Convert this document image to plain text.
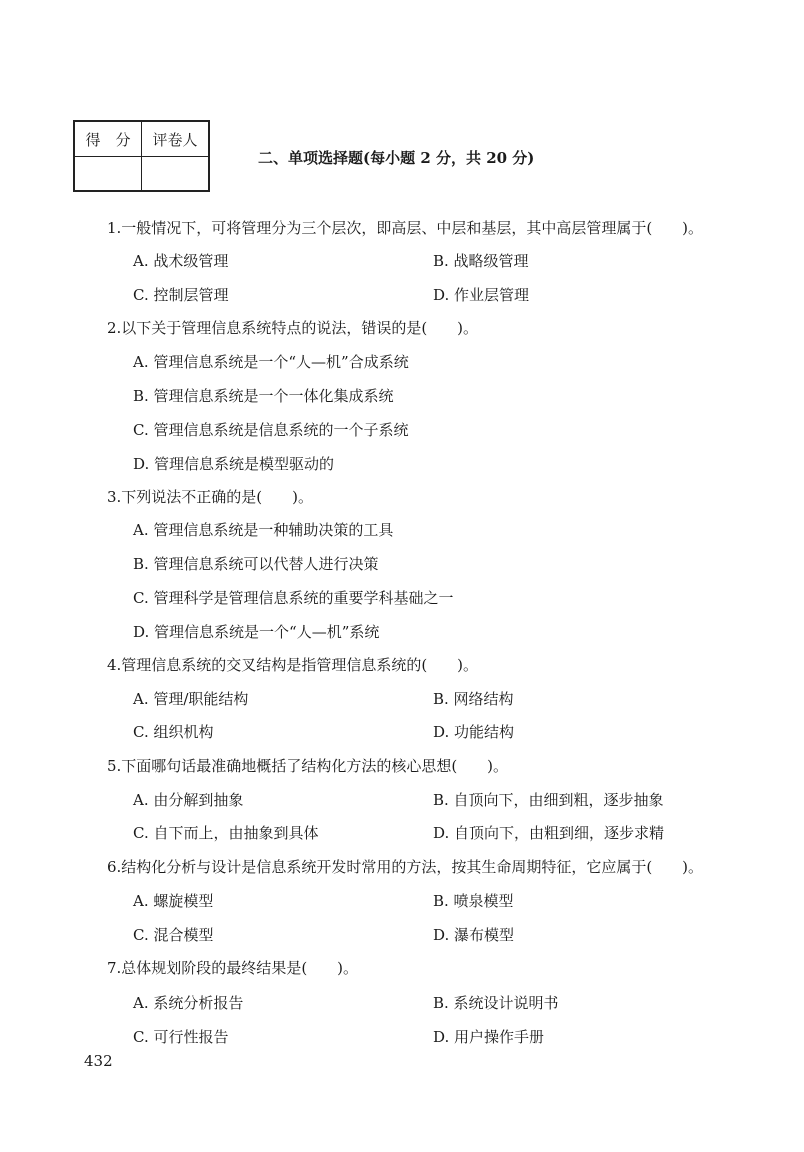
得　分	评卷人

二、单项选择题(每小题 2 分，共 20 分)
1.一般情况下，可将管理分为三个层次，即高层、中层和基层，其中高层管理属于(　　)。
A. 战术级管理	B. 战略级管理
C. 控制层管理	D. 作业层管理
2.以下关于管理信息系统特点的说法，错误的是(　　)。
A. 管理信息系统是一个“人—机”合成系统
B. 管理信息系统是一个一体化集成系统
C. 管理信息系统是信息系统的一个子系统
D. 管理信息系统是模型驱动的
3.下列说法不正确的是(　　)。
A. 管理信息系统是一种辅助决策的工具
B. 管理信息系统可以代替人进行决策
C. 管理科学是管理信息系统的重要学科基础之一
D. 管理信息系统是一个“人—机”系统
4.管理信息系统的交叉结构是指管理信息系统的(　　)。
A. 管理/职能结构	B. 网络结构
C. 组织机构	D. 功能结构
5.下面哪句话最准确地概括了结构化方法的核心思想(　　)。
A. 由分解到抽象	B. 自顶向下，由细到粗，逐步抽象
C. 自下而上，由抽象到具体	D. 自顶向下，由粗到细，逐步求精
6.结构化分析与设计是信息系统开发时常用的方法，按其生命周期特征，它应属于(　　)。
A. 螺旋模型	B. 喷泉模型
C. 混合模型	D. 瀑布模型
7.总体规划阶段的最终结果是(　　)。
A. 系统分析报告	B. 系统设计说明书
C. 可行性报告	D. 用户操作手册
432
